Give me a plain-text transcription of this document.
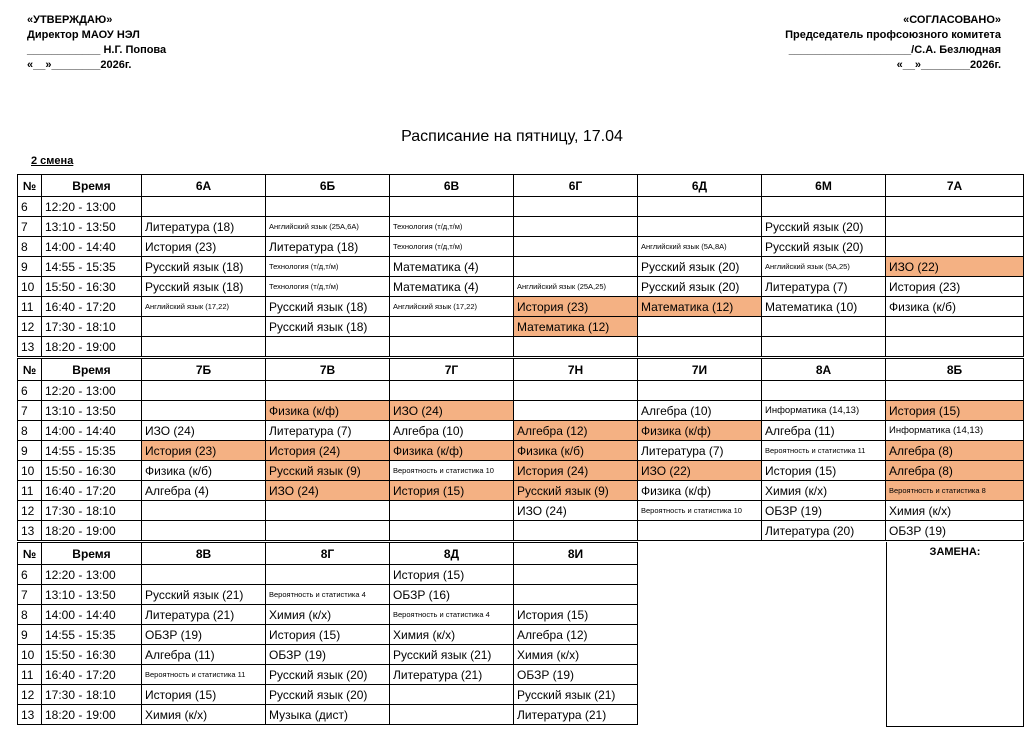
«УТВЕРЖДАЮ»
Директор МАОУ НЭЛ
____________ Н.Г. Попова
«__»________2026г.
«СОГЛАСОВАНО»
Председатель профсоюзного комитета
____________________/С.А. Безлюдная
«__»________2026г.
Расписание на пятницу, 17.04
2 смена
№	Время	6А	6Б	6В	6Г	6Д	6М	7А
6	12:20 - 13:00							
7	13:10 - 13:50	Литература (18)	Английский язык (25А,6А)	Технология (т/д,т/м)			Русский язык (20)	
8	14:00 - 14:40	История (23)	Литература (18)	Технология (т/д,т/м)		Английский язык (5А,8А)	Русский язык (20)	
9	14:55 - 15:35	Русский язык (18)	Технология (т/д,т/м)	Математика (4)		Русский язык (20)	Английский язык (5А,25)	ИЗО (22)
10	15:50 - 16:30	Русский язык (18)	Технология (т/д,т/м)	Математика (4)	Английский язык (25А,25)	Русский язык (20)	Литература (7)	История (23)
11	16:40 - 17:20	Английский язык (17,22)	Русский язык (18)	Английский язык (17,22)	История (23)	Математика (12)	Математика (10)	Физика (к/б)
12	17:30 - 18:10		Русский язык (18)		Математика (12)			
13	18:20 - 19:00							
№	Время	7Б	7В	7Г	7Н	7И	8А	8Б
6	12:20 - 13:00							
7	13:10 - 13:50		Физика (к/ф)	ИЗО (24)		Алгебра (10)	Информатика (14,13)	История (15)
8	14:00 - 14:40	ИЗО (24)	Литература (7)	Алгебра (10)	Алгебра (12)	Физика (к/ф)	Алгебра (11)	Информатика (14,13)
9	14:55 - 15:35	История (23)	История (24)	Физика (к/ф)	Физика (к/б)	Литература (7)	Вероятность и статистика 11	Алгебра (8)
10	15:50 - 16:30	Физика (к/б)	Русский язык (9)	Вероятность и статистика 10	История (24)	ИЗО (22)	История (15)	Алгебра (8)
11	16:40 - 17:20	Алгебра (4)	ИЗО (24)	История (15)	Русский язык (9)	Физика (к/ф)	Химия (к/х)	Вероятность и статистика 8
12	17:30 - 18:10				ИЗО (24)	Вероятность и статистика 10	ОБЗР (19)	Химия (к/х)
13	18:20 - 19:00						Литература (20)	ОБЗР (19)
№	Время	8В	8Г	8Д	8И
6	12:20 - 13:00			История (15)	
7	13:10 - 13:50	Русский язык (21)	Вероятность и статистика 4	ОБЗР (16)	
8	14:00 - 14:40	Литература (21)	Химия (к/х)	Вероятность и статистика 4	История (15)
9	14:55 - 15:35	ОБЗР (19)	История (15)	Химия (к/х)	Алгебра (12)
10	15:50 - 16:30	Алгебра (11)	ОБЗР (19)	Русский язык (21)	Химия (к/х)
11	16:40 - 17:20	Вероятность и статистика 11	Русский язык (20)	Литература (21)	ОБЗР (19)
12	17:30 - 18:10	История (15)	Русский язык (20)		Русский язык (21)
13	18:20 - 19:00	Химия (к/х)	Музыка (дист)		Литература (21)
ЗАМЕНА:
